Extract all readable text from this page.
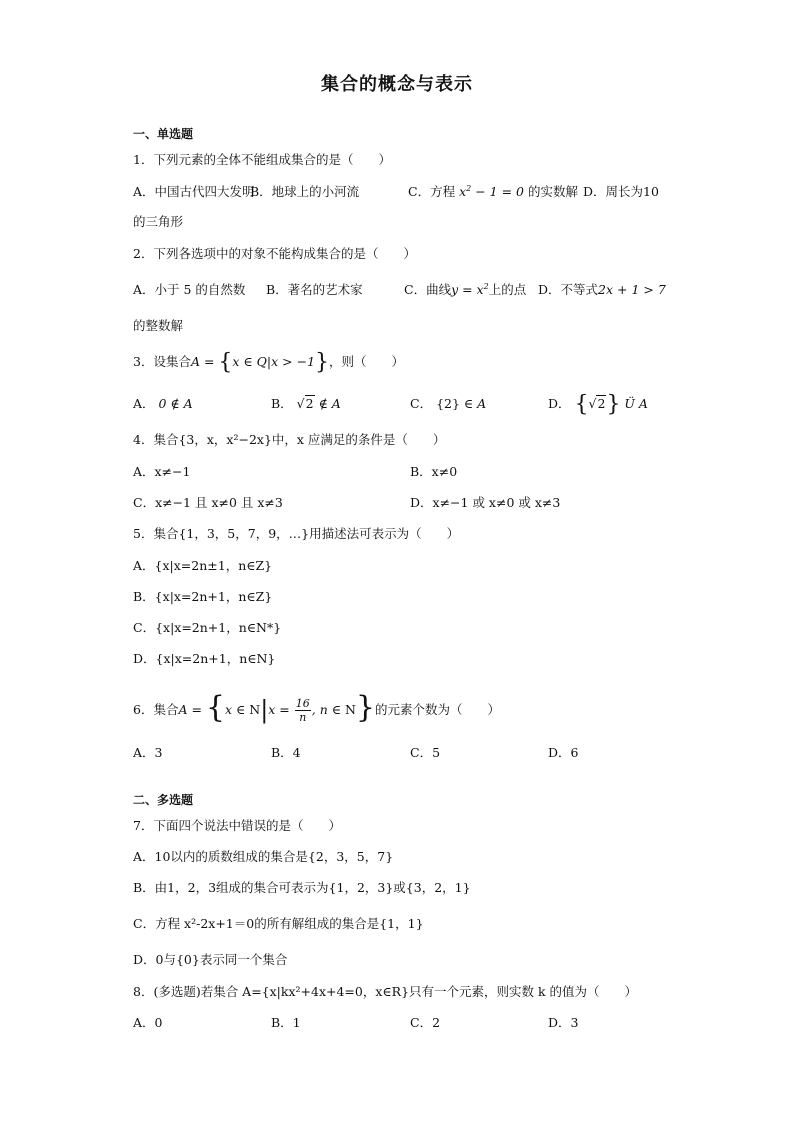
集合的概念与表示
一、单选题
1．下列元素的全体不能组成集合的是（　　）
A．中国古代四大发明
B．地球上的小河流	C．方程 $x^2 - 1 = 0$ 的实数解 D．周长为10
的三角形
2．下列各选项中的对象不能构成集合的是（　　）
A．小于 5 的自然数 B．著名的艺术家	C．曲线$y = x^2$上的点 D．不等式2x + 1 > 7
的整数解
3．设集合A = {x ∈ Q|x > −1}，则（　　）
A． 0 ∉ A	B． √2 ∉ A	C． {2} ∈ A	D． {√2} Ü A
4．集合{3，x，x²−2x}中，x 应满足的条件是（　　）
A．x≠−1	B．x≠0
C．x≠−1 且 x≠0 且 x≠3	D．x≠−1 或 x≠0 或 x≠3
5．集合{1，3，5，7，9，…}用描述法可表示为（　　）
A．{x|x=2n±1，n∈Z}
B．{x|x=2n+1，n∈Z}
C．{x|x=2n+1，n∈N*}
D．{x|x=2n+1，n∈N}
6．集合A = {x ∈ $N|x = \frac{16}{n}$ , n ∈ N}的元素个数为（　　）
A．3	B．4	C．5	D．6
二、多选题
7．下面四个说法中错误的是（　　）
A．10以内的质数组成的集合是{2，3，5，7}
B．由1，2，3组成的集合可表示为{1，2，3}或{3，2，1}
C．方程 x²-2x+1＝0的所有解组成的集合是{1，1}
D．0与{0}表示同一个集合
8．(多选题)若集合 A={x|kx²+4x+4=0，x∈R}只有一个元素，则实数 k 的值为（　　）
A．0	B．1	C．2	D．3
